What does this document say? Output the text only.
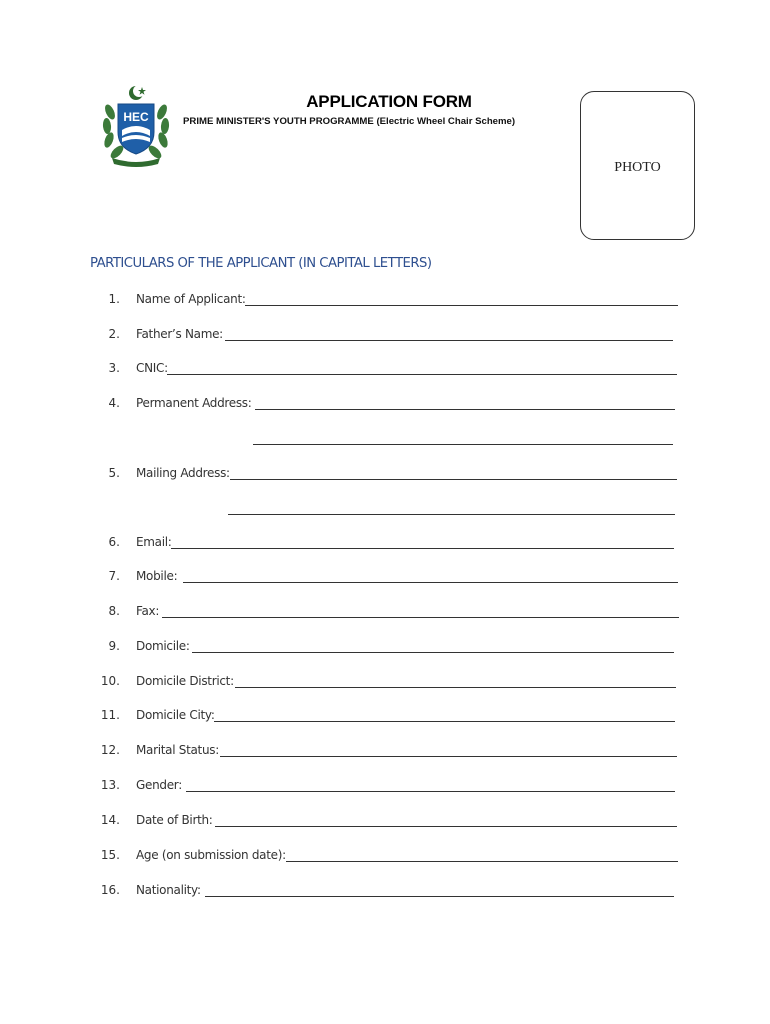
HEC
APPLICATION FORM
PRIME MINISTER'S YOUTH PROGRAMME (Electric Wheel Chair Scheme)
PHOTO
PARTICULARS OF THE APPLICANT (IN CAPITAL LETTERS)
1. Name of Applicant:
2. Father’s Name:
3. CNIC:
4. Permanent Address:
5. Mailing Address:
6. Email:
7. Mobile:
8. Fax:
9. Domicile:
10. Domicile District:
11. Domicile City:
12. Marital Status:
13. Gender:
14. Date of Birth:
15. Age (on submission date):
16. Nationality:
